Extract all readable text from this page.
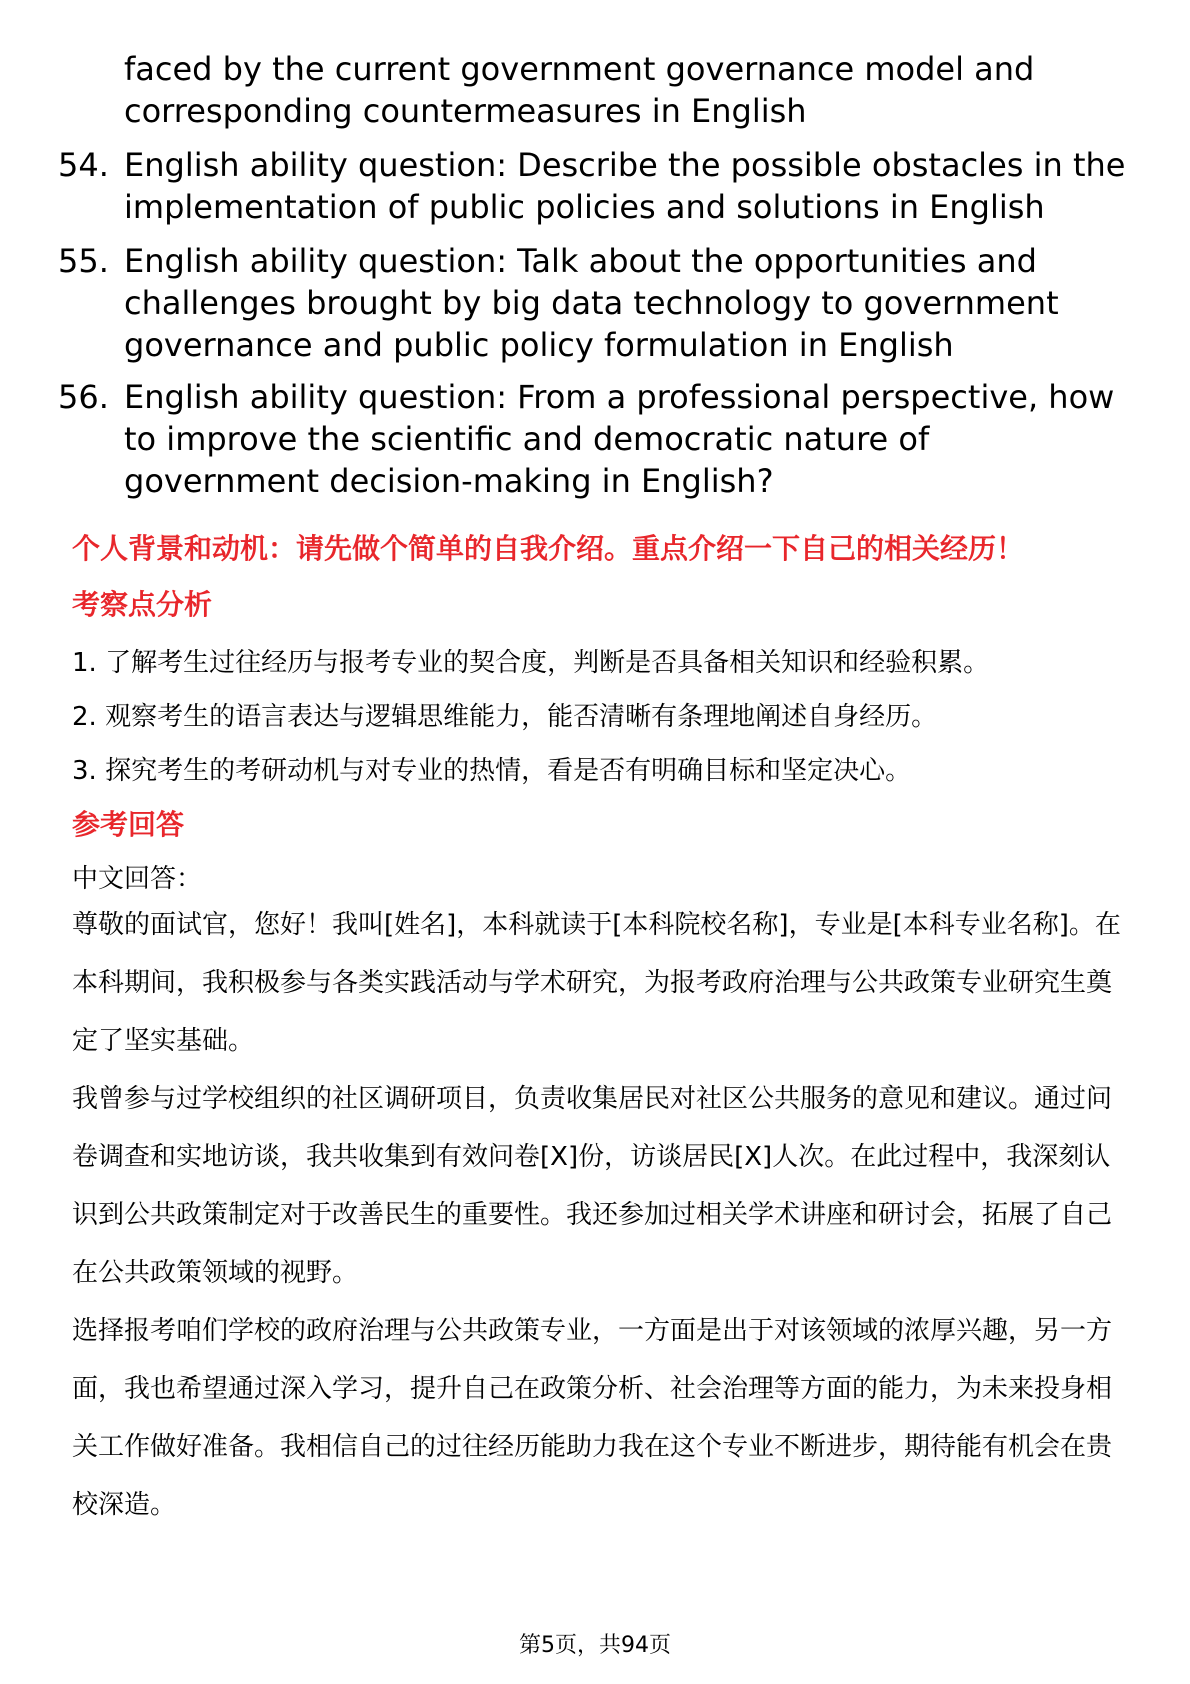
faced by the current government governance model and corresponding countermeasures in English
54. English ability question: Describe the possible obstacles in the implementation of public policies and solutions in English
55. English ability question: Talk about the opportunities and challenges brought by big data technology to government governance and public policy formulation in English
56. English ability question: From a professional perspective, how to improve the scientific and democratic nature of government decision-making in English?
个人背景和动机：请先做个简单的自我介绍。重点介绍一下自己的相关经历！
考察点分析
1. 了解考生过往经历与报考专业的契合度，判断是否具备相关知识和经验积累。
2. 观察考生的语言表达与逻辑思维能力，能否清晰有条理地阐述自身经历。
3. 探究考生的考研动机与对专业的热情，看是否有明确目标和坚定决心。
参考回答
中文回答：
尊敬的面试官，您好！我叫[姓名]，本科就读于[本科院校名称]，专业是[本科专业名称]。在本科期间，我积极参与各类实践活动与学术研究，为报考政府治理与公共政策专业研究生奠定了坚实基础。
我曾参与过学校组织的社区调研项目，负责收集居民对社区公共服务的意见和建议。通过问卷调查和实地访谈，我共收集到有效问卷[X]份，访谈居民[X]人次。在此过程中，我深刻认识到公共政策制定对于改善民生的重要性。我还参加过相关学术讲座和研讨会，拓展了自己在公共政策领域的视野。
选择报考咱们学校的政府治理与公共政策专业，一方面是出于对该领域的浓厚兴趣，另一方面，我也希望通过深入学习，提升自己在政策分析、社会治理等方面的能力，为未来投身相关工作做好准备。我相信自己的过往经历能助力我在这个专业不断进步，期待能有机会在贵校深造。
第5页，共94页
